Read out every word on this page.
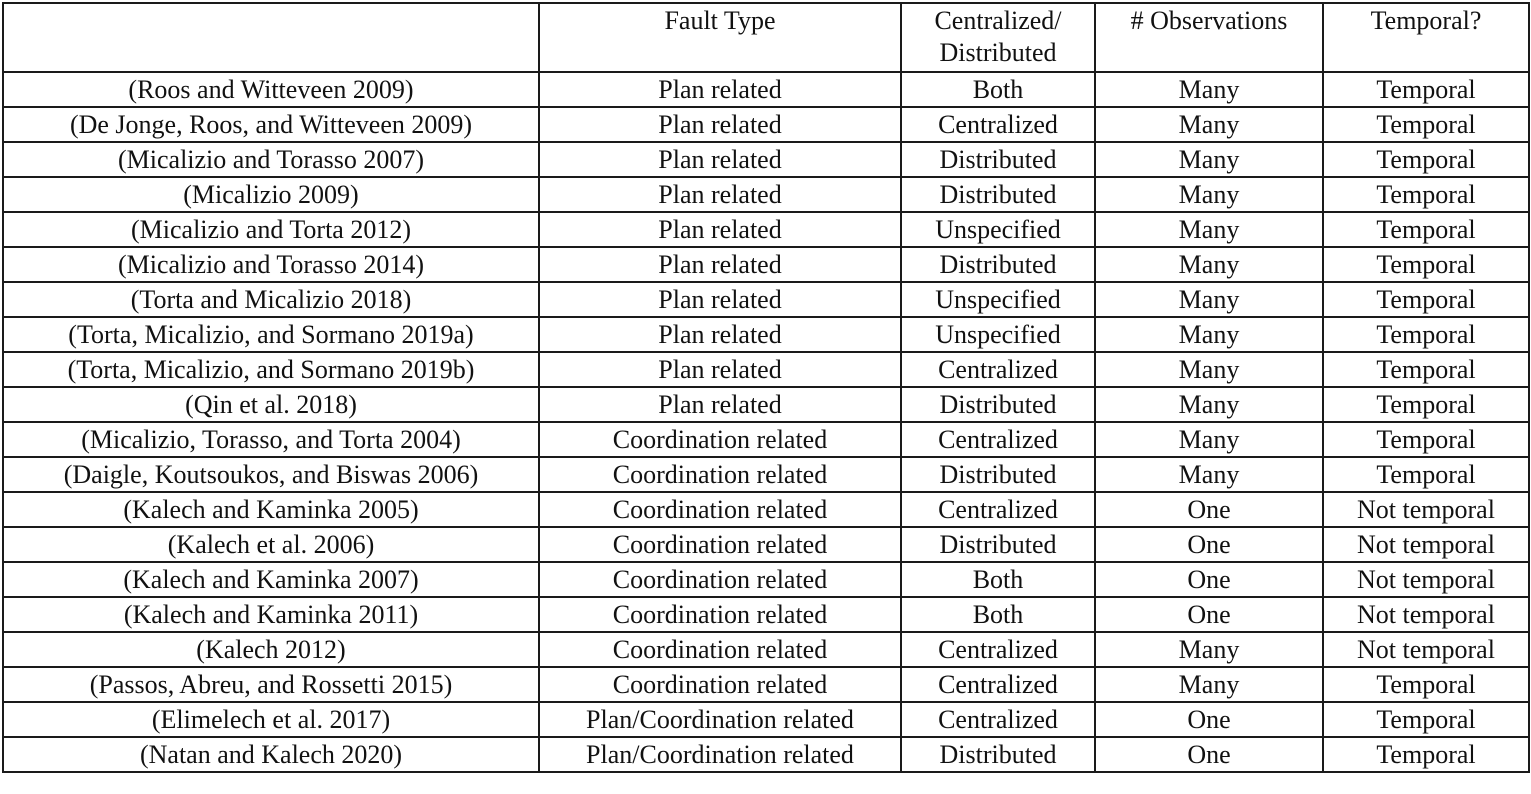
	Fault Type	Centralized/
Distributed	# Observations	Temporal?
(Roos and Witteveen 2009)	Plan related	Both	Many	Temporal
(De Jonge, Roos, and Witteveen 2009)	Plan related	Centralized	Many	Temporal
(Micalizio and Torasso 2007)	Plan related	Distributed	Many	Temporal
(Micalizio 2009)	Plan related	Distributed	Many	Temporal
(Micalizio and Torta 2012)	Plan related	Unspecified	Many	Temporal
(Micalizio and Torasso 2014)	Plan related	Distributed	Many	Temporal
(Torta and Micalizio 2018)	Plan related	Unspecified	Many	Temporal
(Torta, Micalizio, and Sormano 2019a)	Plan related	Unspecified	Many	Temporal
(Torta, Micalizio, and Sormano 2019b)	Plan related	Centralized	Many	Temporal
(Qin et al. 2018)	Plan related	Distributed	Many	Temporal
(Micalizio, Torasso, and Torta 2004)	Coordination related	Centralized	Many	Temporal
(Daigle, Koutsoukos, and Biswas 2006)	Coordination related	Distributed	Many	Temporal
(Kalech and Kaminka 2005)	Coordination related	Centralized	One	Not temporal
(Kalech et al. 2006)	Coordination related	Distributed	One	Not temporal
(Kalech and Kaminka 2007)	Coordination related	Both	One	Not temporal
(Kalech and Kaminka 2011)	Coordination related	Both	One	Not temporal
(Kalech 2012)	Coordination related	Centralized	Many	Not temporal
(Passos, Abreu, and Rossetti 2015)	Coordination related	Centralized	Many	Temporal
(Elimelech et al. 2017)	Plan/Coordination related	Centralized	One	Temporal
(Natan and Kalech 2020)	Plan/Coordination related	Distributed	One	Temporal
